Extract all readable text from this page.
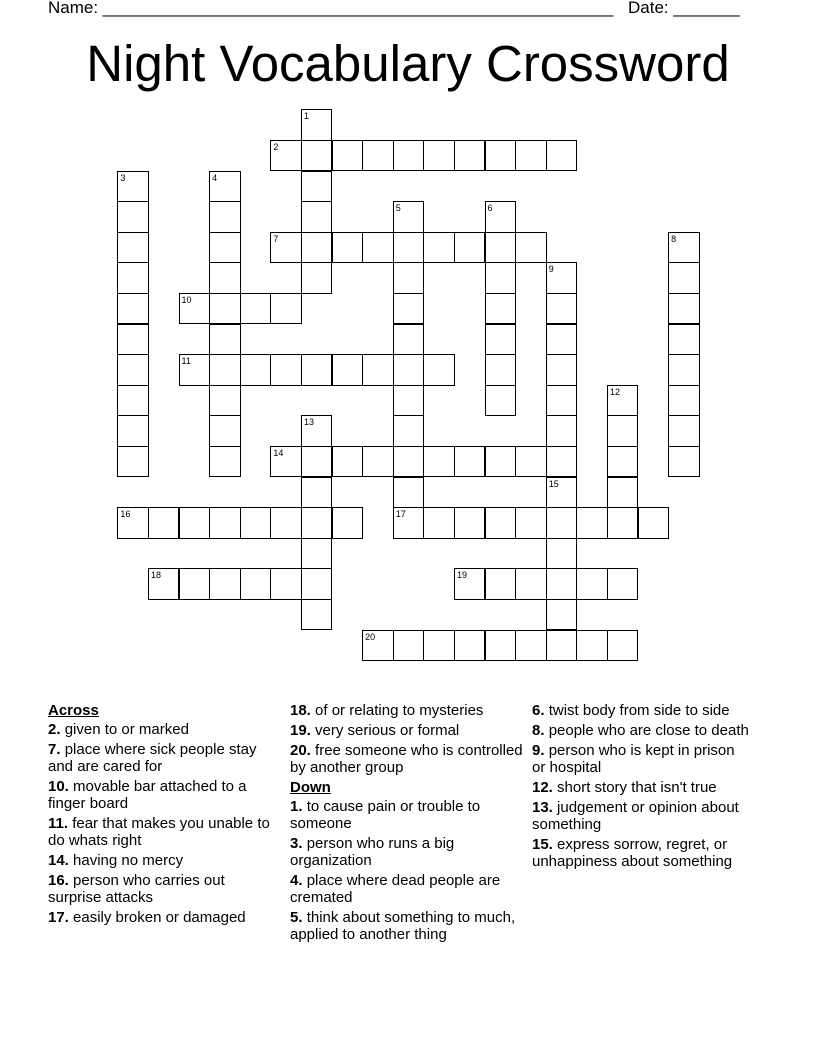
Name: ______________________________________________________ Date: _______
Night Vocabulary Crossword
1
2
3	4
5	6
7	8
9
10
11
12
13
14
15
16	17
18	19
20
Across
2. given to or marked
7. place where sick people stay and are cared for
10. movable bar attached to a finger board
11. fear that makes you unable to do whats right
14. having no mercy
16. person who carries out surprise attacks
17. easily broken or damaged
18. of or relating to mysteries
19. very serious or formal
20. free someone who is controlled by another group
Down
1. to cause pain or trouble to someone
3. person who runs a big organization
4. place where dead people are cremated
5. think about something to much, applied to another thing
6. twist body from side to side
8. people who are close to death
9. person who is kept in prison or hospital
12. short story that isn't true
13. judgement or opinion about something
15. express sorrow, regret, or unhappiness about something
